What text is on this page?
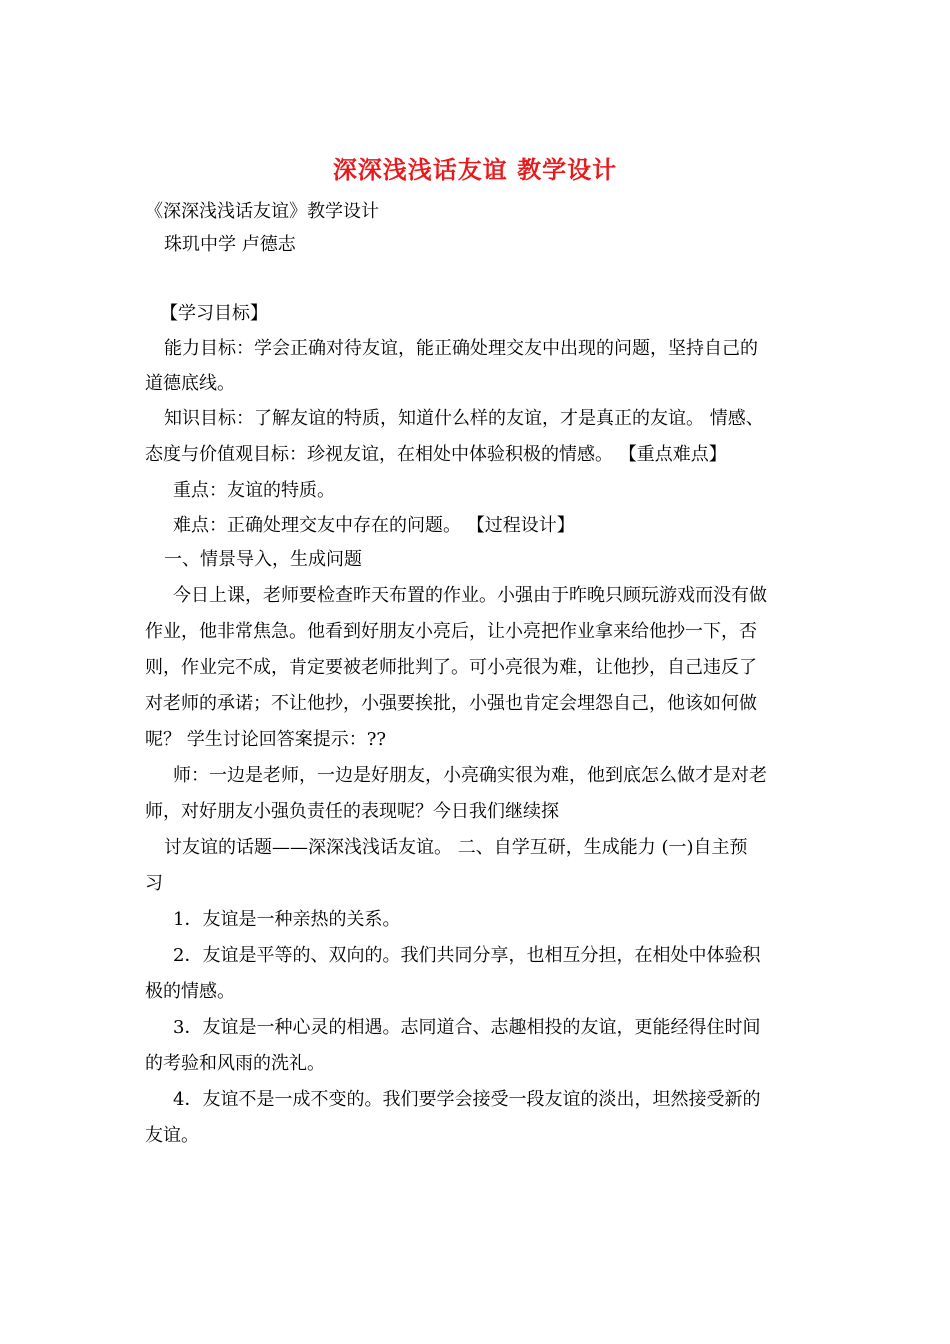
深深浅浅话友谊 教学设计
《深深浅浅话友谊》教学设计
珠玑中学 卢德志
【学习目标】
能力目标：学会正确对待友谊，能正确处理交友中出现的问题，坚持自己的
道德底线。
知识目标：了解友谊的特质，知道什么样的友谊，才是真正的友谊。 情感、
态度与价值观目标：珍视友谊，在相处中体验积极的情感。 【重点难点】
重点：友谊的特质。
难点：正确处理交友中存在的问题。 【过程设计】
一、情景导入，生成问题
今日上课，老师要检查昨天布置的作业。小强由于昨晚只顾玩游戏而没有做
作业，他非常焦急。他看到好朋友小亮后，让小亮把作业拿来给他抄一下，否
则，作业完不成，肯定要被老师批判了。可小亮很为难，让他抄，自己违反了
对老师的承诺；不让他抄，小强要挨批，小强也肯定会埋怨自己，他该如何做
呢？ 学生讨论回答案提示：??
师：一边是老师，一边是好朋友，小亮确实很为难，他到底怎么做才是对老
师，对好朋友小强负责任的表现呢？今日我们继续探
讨友谊的话题——深深浅浅话友谊。 二、自学互研，生成能力 (一)自主预
习
1．友谊是一种亲热的关系。
2．友谊是平等的、双向的。我们共同分享，也相互分担，在相处中体验积
极的情感。
3．友谊是一种心灵的相遇。志同道合、志趣相投的友谊，更能经得住时间
的考验和风雨的洗礼。
4．友谊不是一成不变的。我们要学会接受一段友谊的淡出，坦然接受新的
友谊。
